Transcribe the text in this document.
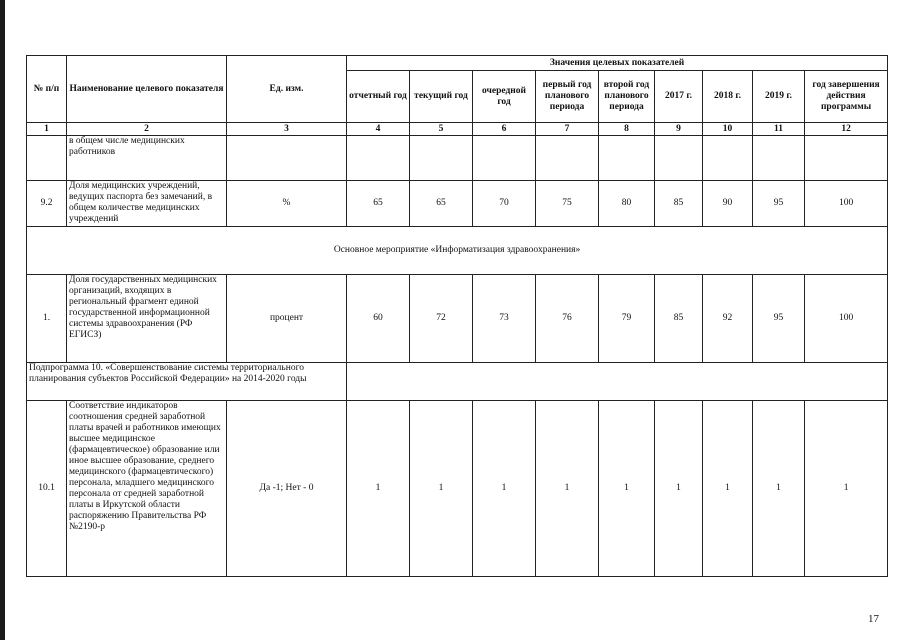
№ п/п	Наименование целевого показателя	Ед. изм.	Значения целевых показателей								
			отчетный год	текущий год	очередной год	первый год планового периода	второй год планового периода	2017 г.	2018 г.	2019 г.	год завершения действия программы
1	2	3	4	5	6	7	8	9	10	11	12
	в общем числе медицинских работников										
9.2	Доля медицинских учреждений, ведущих паспорта без замечаний, в общем количестве медицинских учреждений	%	65	65	70	75	80	85	90	95	100
Основное мероприятие «Информатизация здравоохранения»											
1.	Доля государственных медицинских организаций, входящих в региональный фрагмент единой государственной информационной системы здравоохранения (РФ ЕГИСЗ)	процент	60	72	73	76	79	85	92	95	100
Подпрограмма 10. «Совершенствование системы территориального планирования субъектов Российской Федерации» на 2014-2020 годы											
10.1	Соответствие индикаторов соотношения средней заработной платы врачей и работников имеющих высшее медицинское (фармацевтическое) образование или иное высшее образование, среднего медицинского (фармацевтического) персонала, младшего медицинского персонала от средней заработной платы в Иркутской области распоряжению Правительства РФ №2190-р	Да -1; Нет - 0	1	1	1	1	1	1	1	1	1
17
